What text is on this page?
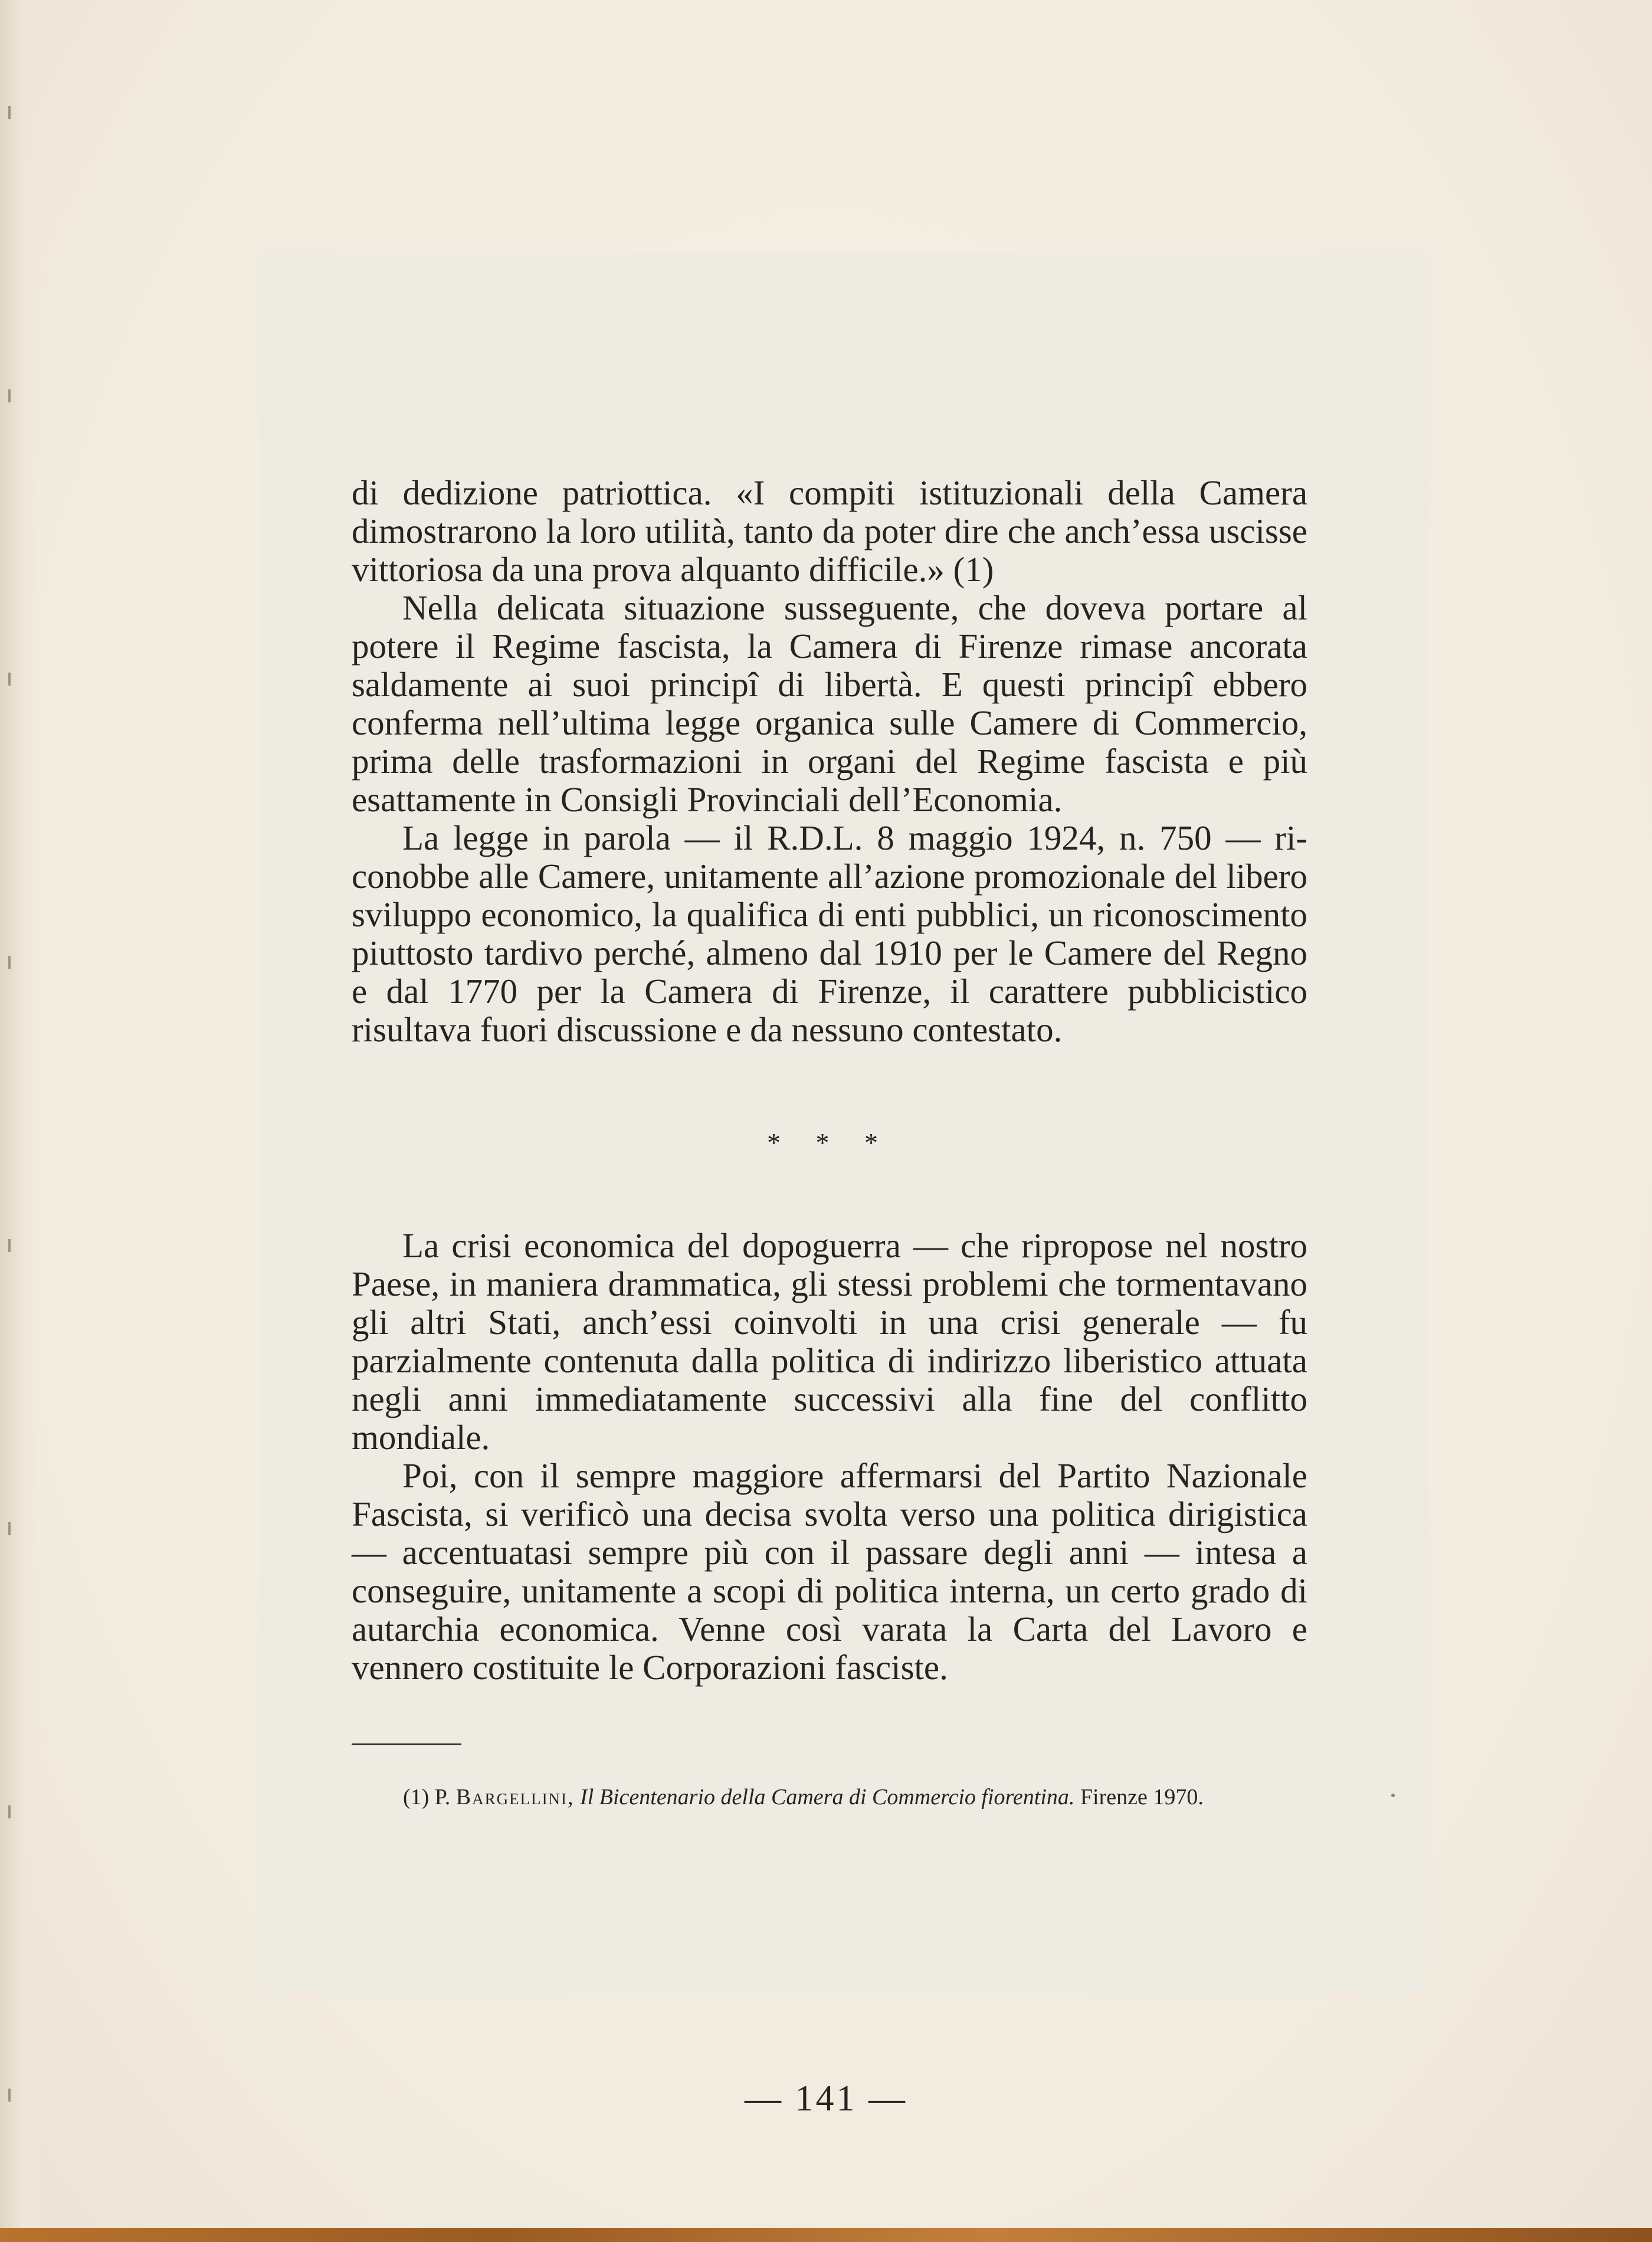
di dedizione patriottica. «I compiti istituzionali della Camera dimostrarono la loro utilità, tanto da poter dire che anch’essa uscisse vittoriosa da una prova alquanto difficile.» (1)

Nella delicata situazione susseguente, che doveva portare al potere il Regime fascista, la Camera di Firenze rimase ancorata saldamente ai suoi principî di libertà. E questi principî ebbero conferma nell’ultima legge organica sulle Camere di Commercio, prima delle trasformazioni in organi del Regime fascista e più esattamente in Consigli Provinciali dell’Economia.

La legge in parola — il R.D.L. 8 maggio 1924, n. 750 — riconobbe alle Camere, unitamente all’azione promozionale del libero sviluppo economico, la qualifica di enti pubblici, un riconoscimento piuttosto tardivo perché, almeno dal 1910 per le Camere del Regno e dal 1770 per la Camera di Firenze, il carattere pubblicistico risultava fuori discussione e da nessuno contestato.

* * *

La crisi economica del dopoguerra — che ripropose nel nostro Paese, in maniera drammatica, gli stessi problemi che tormentavano gli altri Stati, anch’essi coinvolti in una crisi generale — fu parzialmente contenuta dalla politica di indirizzo liberistico attuata negli anni immediatamente successivi alla fine del conflitto mondiale.

Poi, con il sempre maggiore affermarsi del Partito Nazionale Fascista, si verificò una decisa svolta verso una politica dirigistica — accentuatasi sempre più con il passare degli anni — intesa a conseguire, unitamente a scopi di politica interna, un certo grado di autarchia economica. Venne così varata la Carta del Lavoro e vennero costituite le Corporazioni fasciste.

(1) P. Bargellini, Il Bicentenario della Camera di Commercio fiorentina. Firenze 1970.
— 141 —
